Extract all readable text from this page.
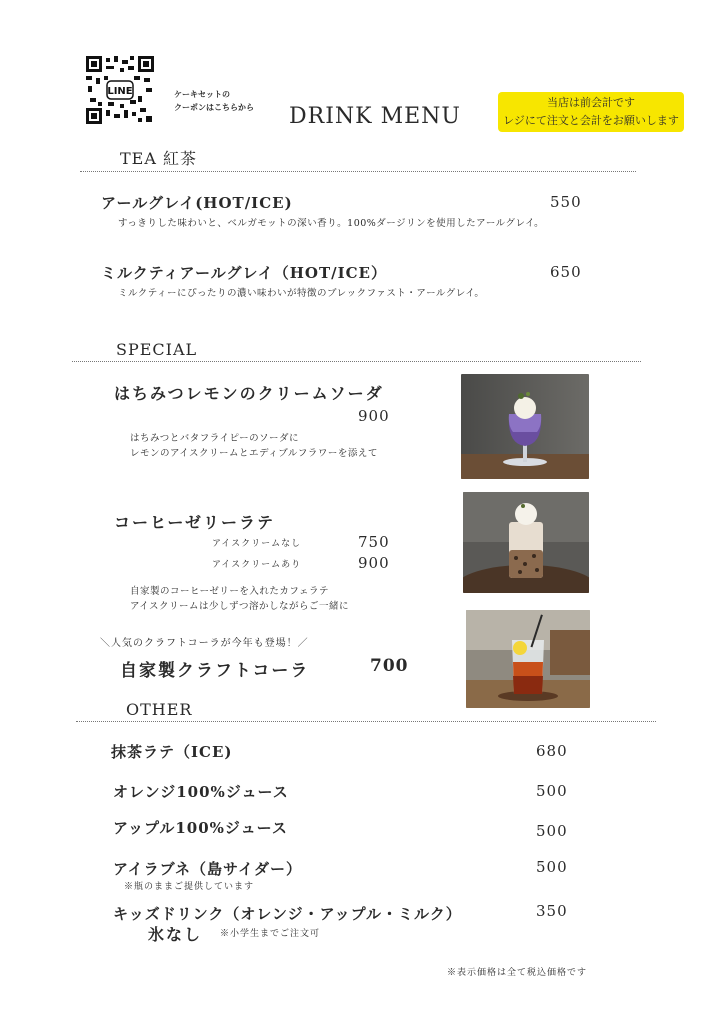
LINE	ケーキセットの
クーポンはこちらから DRINK MENU
当店は前会計です
レジにて注文と会計をお願いします
TEA 紅茶
アールグレイ(HOT/ICE)	550
すっきりした味わいと、ベルガモットの深い香り。100%ダージリンを使用したアールグレイ。
ミルクティアールグレイ（HOT/ICE）	650
ミルクティーにぴったりの濃い味わいが特徴のブレックファスト・アールグレイ。
SPECIAL
はちみつレモンのクリームソーダ
900
はちみつとバタフライピーのソーダに
レモンのアイスクリームとエディブルフラワーを添えて
コーヒーゼリーラテ
アイスクリームなし	750
アイスクリームあり	900
自家製のコーヒーゼリーを入れたカフェラテ
アイスクリームは少しずつ溶かしながらご一緒に
＼人気のクラフトコーラが今年も登場！／
自家製クラフトコーラ	700
OTHER
抹茶ラテ（ICE)	680
オレンジ100%ジュース	500
アップル100%ジュース	500
アイラブネ（島サイダー）	500
※瓶のままご提供しています
キッズドリンク（オレンジ・アップル・ミルク）	350
氷なし ※小学生までご注文可
※表示価格は全て税込価格です
